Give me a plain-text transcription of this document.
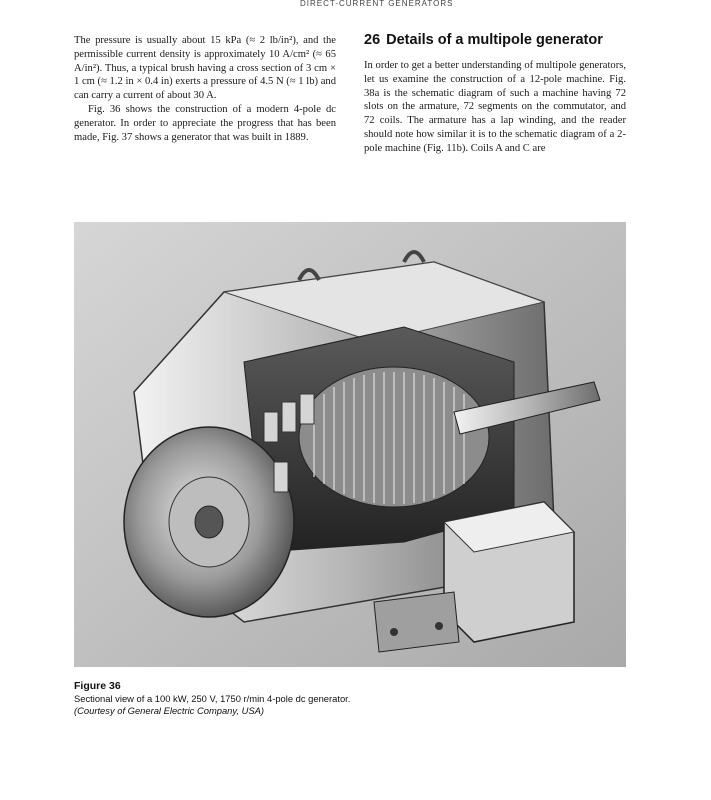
DIRECT-CURRENT GENERATORS

The pressure is usually about 15 kPa (≈ 2 lb/in²), and the permissible current density is approximately 10 A/cm² (≈ 65 A/in²). Thus, a typical brush having a cross section of 3 cm × 1 cm (≈ 1.2 in × 0.4 in) exerts a pressure of 4.5 N (≈ 1 lb) and can carry a current of about 30 A.

Fig. 36 shows the construction of a modern 4-pole dc generator. In order to appreciate the progress that has been made, Fig. 37 shows a generator that was built in 1889.

26 Details of a multipole generator

In order to get a better understanding of multipole generators, let us examine the construction of a 12-pole machine. Fig. 38a is the schematic diagram of such a machine having 72 slots on the armature, 72 segments on the commutator, and 72 coils. The armature has a lap winding, and the reader should note how similar it is to the schematic diagram of a 2-pole machine (Fig. 11b). Coils A and C are

Figure 36
Sectional view of a 100 kW, 250 V, 1750 r/min 4-pole dc generator.
(Courtesy of General Electric Company, USA)
